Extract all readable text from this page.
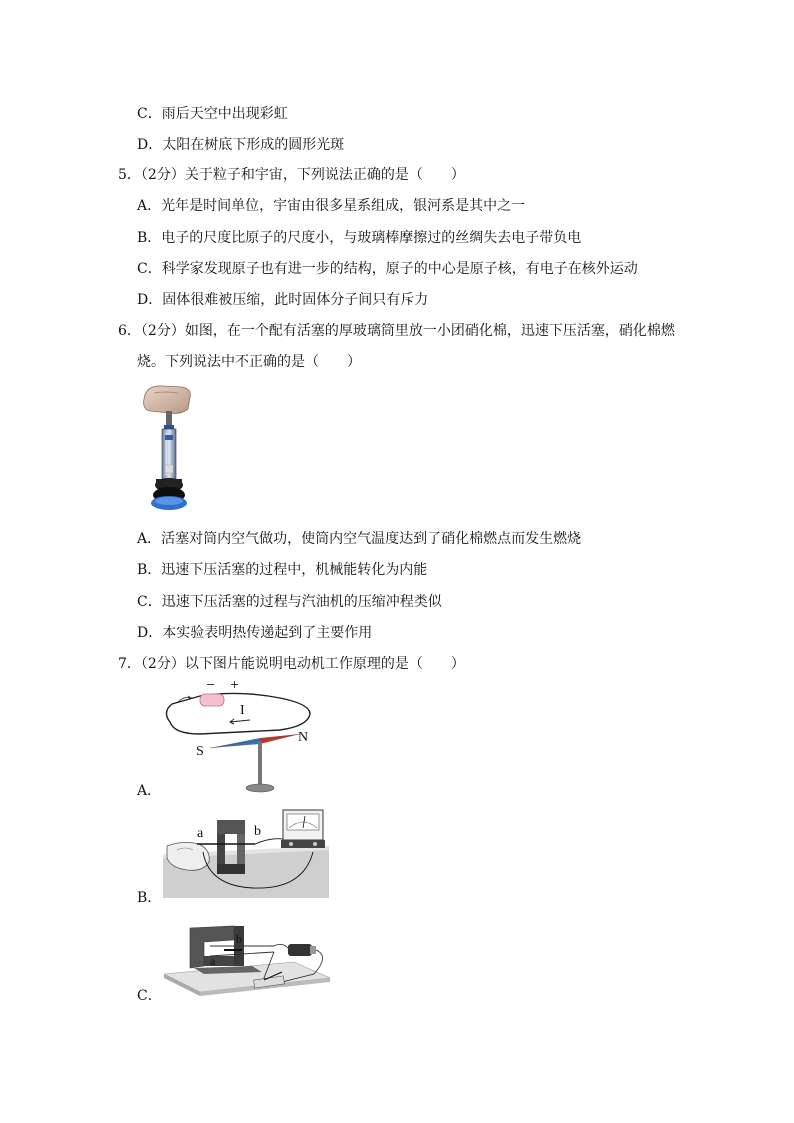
C．雨后天空中出现彩虹
D．太阳在树底下形成的圆形光斑
5．（2分）关于粒子和宇宙，下列说法正确的是（　　）
A．光年是时间单位，宇宙由很多星系组成，银河系是其中之一
B．电子的尺度比原子的尺度小，与玻璃棒摩擦过的丝绸失去电子带负电
C．科学家发现原子也有进一步的结构，原子的中心是原子核，有电子在核外运动
D．固体很难被压缩，此时固体分子间只有斥力
6．（2分）如图，在一个配有活塞的厚玻璃筒里放一小团硝化棉，迅速下压活塞，硝化棉燃
烧。下列说法中不正确的是（　　）
A．活塞对筒内空气做功，使筒内空气温度达到了硝化棉燃点而发生燃烧
B．迅速下压活塞的过程中，机械能转化为内能
C．迅速下压活塞的过程与汽油机的压缩冲程类似
D．本实验表明热传递起到了主要作用
7．（2分）以下图片能说明电动机工作原理的是（　　）
− +
I
S
N
A．
a	b
B．
b
a
C．
